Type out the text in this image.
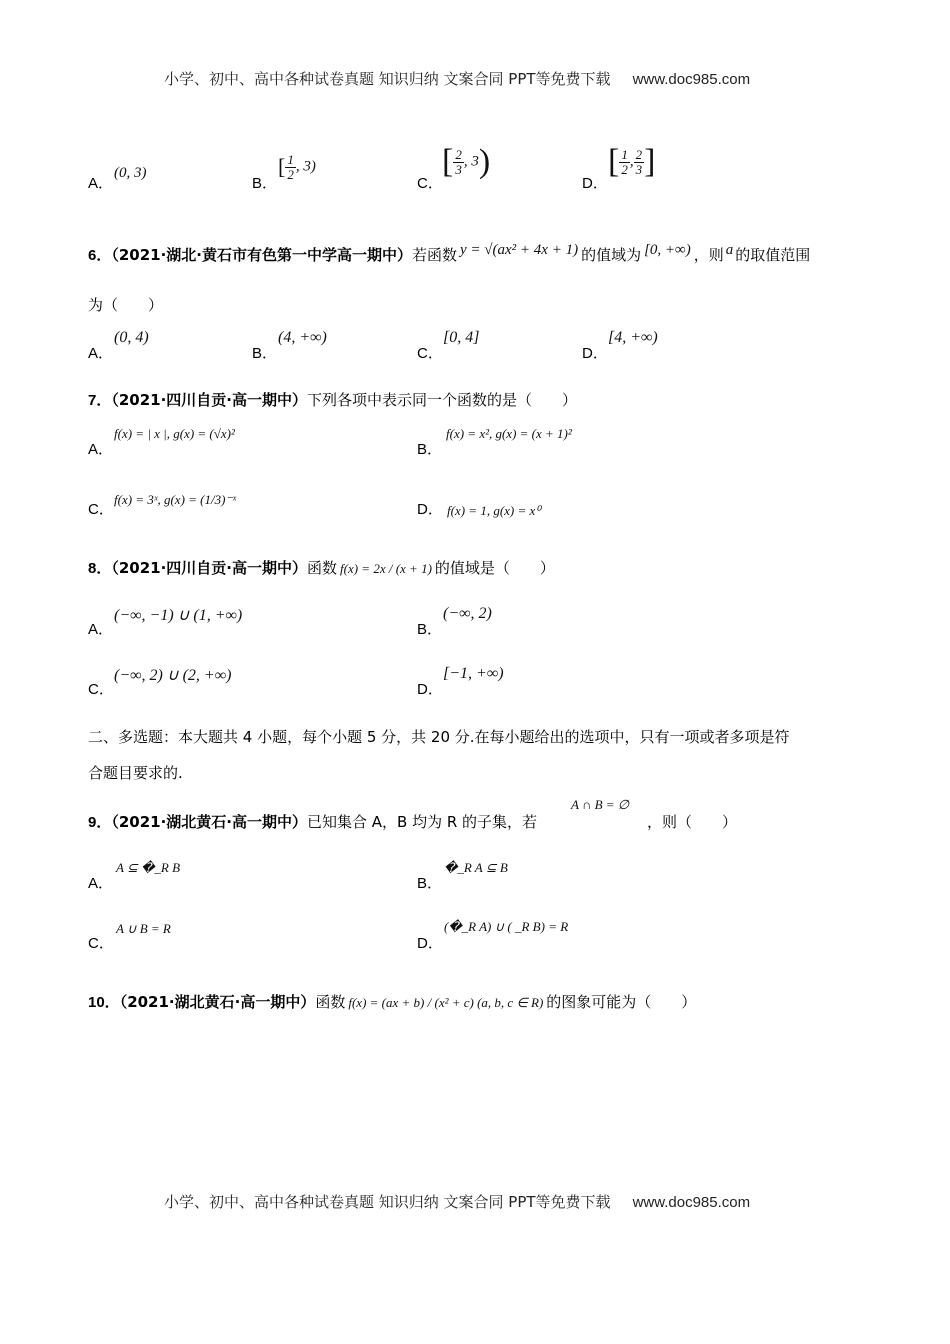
小学、初中、高中各种试卷真题 知识归纳 文案合同 PPT等免费下载 www.doc985.com
A．
(0, 3)
B．
[ $\frac{1}{2}$ , 3)
C．
[ $\frac{2}{3}$ , 3)
D．
[ $\frac{1}{2}$ , $\frac{2}{3}$ ]
6．（2021·湖北·黄石市有色第一中学高一期中）若函数 y = √(ax² + 4x + 1) 的值域为 [0, +∞) ，则 a 的取值范围
为（　　）
A．
(0, 4)
B．
(4, +∞)
C．
[0, 4]
D．
[4, +∞)
7．（2021·四川自贡·高一期中）下列各项中表示同一个函数的是（　　）
A．
f(x) = | x |, g(x) = (√x)²
B．
f(x) = x², g(x) = (x + 1)²
C．
f(x) = 3ˣ, g(x) = (1/3)⁻ˣ
D． f(x) = 1, g(x) = x⁰
8．（2021·四川自贡·高一期中）函数 f(x) = 2x / (x + 1) 的值域是（　　）
A．
(−∞, −1) ∪ (1, +∞)
B．
(−∞, 2)
C．
(−∞, 2) ∪ (2, +∞)
D．
[−1, +∞)
二、多选题：本大题共 4 小题，每个小题 5 分，共 20 分.在每小题给出的选项中，只有一项或者多项是符
合题目要求的.
9．（2021·湖北黄石·高一期中）已知集合 A，B 均为 R 的子集，若
A ∩ B = ∅
，则（　　）
A．
A ⊆ �_R B
B．
�_R A ⊆ B
C．
A ∪ B = R
D．
(�_R A) ∪ ( _R B) = R
10．（2021·湖北黄石·高一期中）函数 f(x) = (ax + b) / (x² + c) (a, b, c ∈ R) 的图象可能为（　　）
小学、初中、高中各种试卷真题 知识归纳 文案合同 PPT等免费下载 www.doc985.com
